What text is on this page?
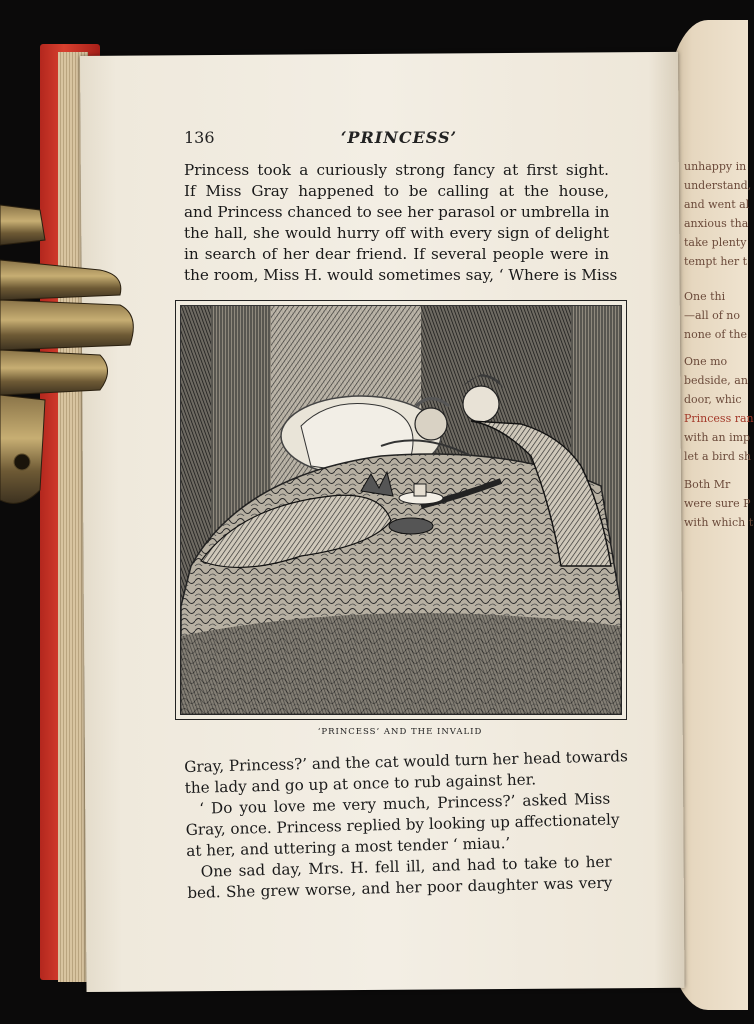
unhappy in
understand,
and went al
anxious tha
take plenty
tempt her t
One thi
—all of no
none of the
One mo
bedside, an
door, whic
Princess ran
with an imp
let a bird sh
Both Mr
were sure P
with which t
136	‘PRINCESS’
Princess took a curiously strong fancy at first sight.
If Miss Gray happened to be calling at the house,
and Princess chanced to see her parasol or umbrella in
the hall, she would hurry off with every sign of delight
in search of her dear friend. If several people were in
the room, Miss H. would sometimes say, ‘ Where is Miss
‘PRINCESS’ AND THE INVALID
Gray, Princess?’ and the cat would turn her head towards
the lady and go up at once to rub against her.
‘ Do you love me very much, Princess?’ asked Miss
Gray, once. Princess replied by looking up affectionately
at her, and uttering a most tender ‘ miau.’
One sad day, Mrs. H. fell ill, and had to take to her
bed. She grew worse, and her poor daughter was very
